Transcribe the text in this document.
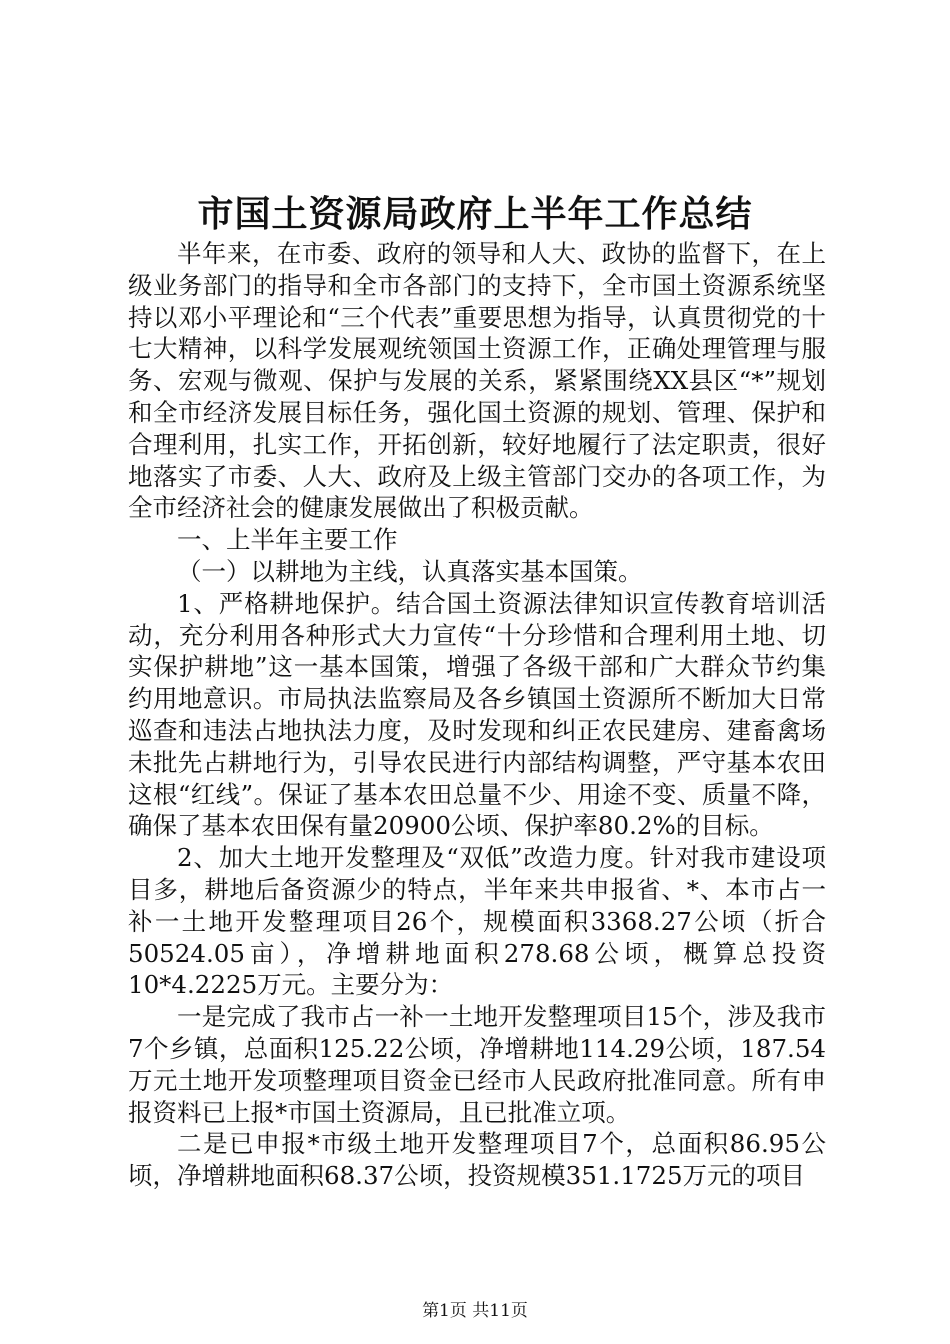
市国土资源局政府上半年工作总结

半年来，在市委、政府的领导和人大、政协的监督下，在上级业务部门的指导和全市各部门的支持下，全市国土资源系统坚持以邓小平理论和“三个代表”重要思想为指导，认真贯彻党的十七大精神，以科学发展观统领国土资源工作，正确处理管理与服务、宏观与微观、保护与发展的关系，紧紧围绕XX县区“*”规划和全市经济发展目标任务，强化国土资源的规划、管理、保护和合理利用，扎实工作，开拓创新，较好地履行了法定职责，很好地落实了市委、人大、政府及上级主管部门交办的各项工作，为全市经济社会的健康发展做出了积极贡献。

一、上半年主要工作

（一）以耕地为主线，认真落实基本国策。

1、严格耕地保护。结合国土资源法律知识宣传教育培训活动，充分利用各种形式大力宣传“十分珍惜和合理利用土地、切实保护耕地”这一基本国策，增强了各级干部和广大群众节约集约用地意识。市局执法监察局及各乡镇国土资源所不断加大日常巡查和违法占地执法力度，及时发现和纠正农民建房、建畜禽场未批先占耕地行为，引导农民进行内部结构调整，严守基本农田这根“红线”。保证了基本农田总量不少、用途不变、质量不降，确保了基本农田保有量20900公顷、保护率80.2%的目标。

2、加大土地开发整理及“双低”改造力度。针对我市建设项目多，耕地后备资源少的特点，半年来共申报省、*、本市占一补一土地开发整理项目26个，规模面积3368.27公顷（折合50524.05亩），净增耕地面积278.68公顷，概算总投资10*4.2225万元。主要分为：

一是完成了我市占一补一土地开发整理项目15个，涉及我市7个乡镇，总面积125.22公顷，净增耕地114.29公顷，187.54万元土地开发项整理项目资金已经市人民政府批准同意。所有申报资料已上报*市国土资源局，且已批准立项。

二是已申报*市级土地开发整理项目7个，总面积86.95公顷，净增耕地面积68.37公顷，投资规模351.1725万元的项目

第1页 共11页
